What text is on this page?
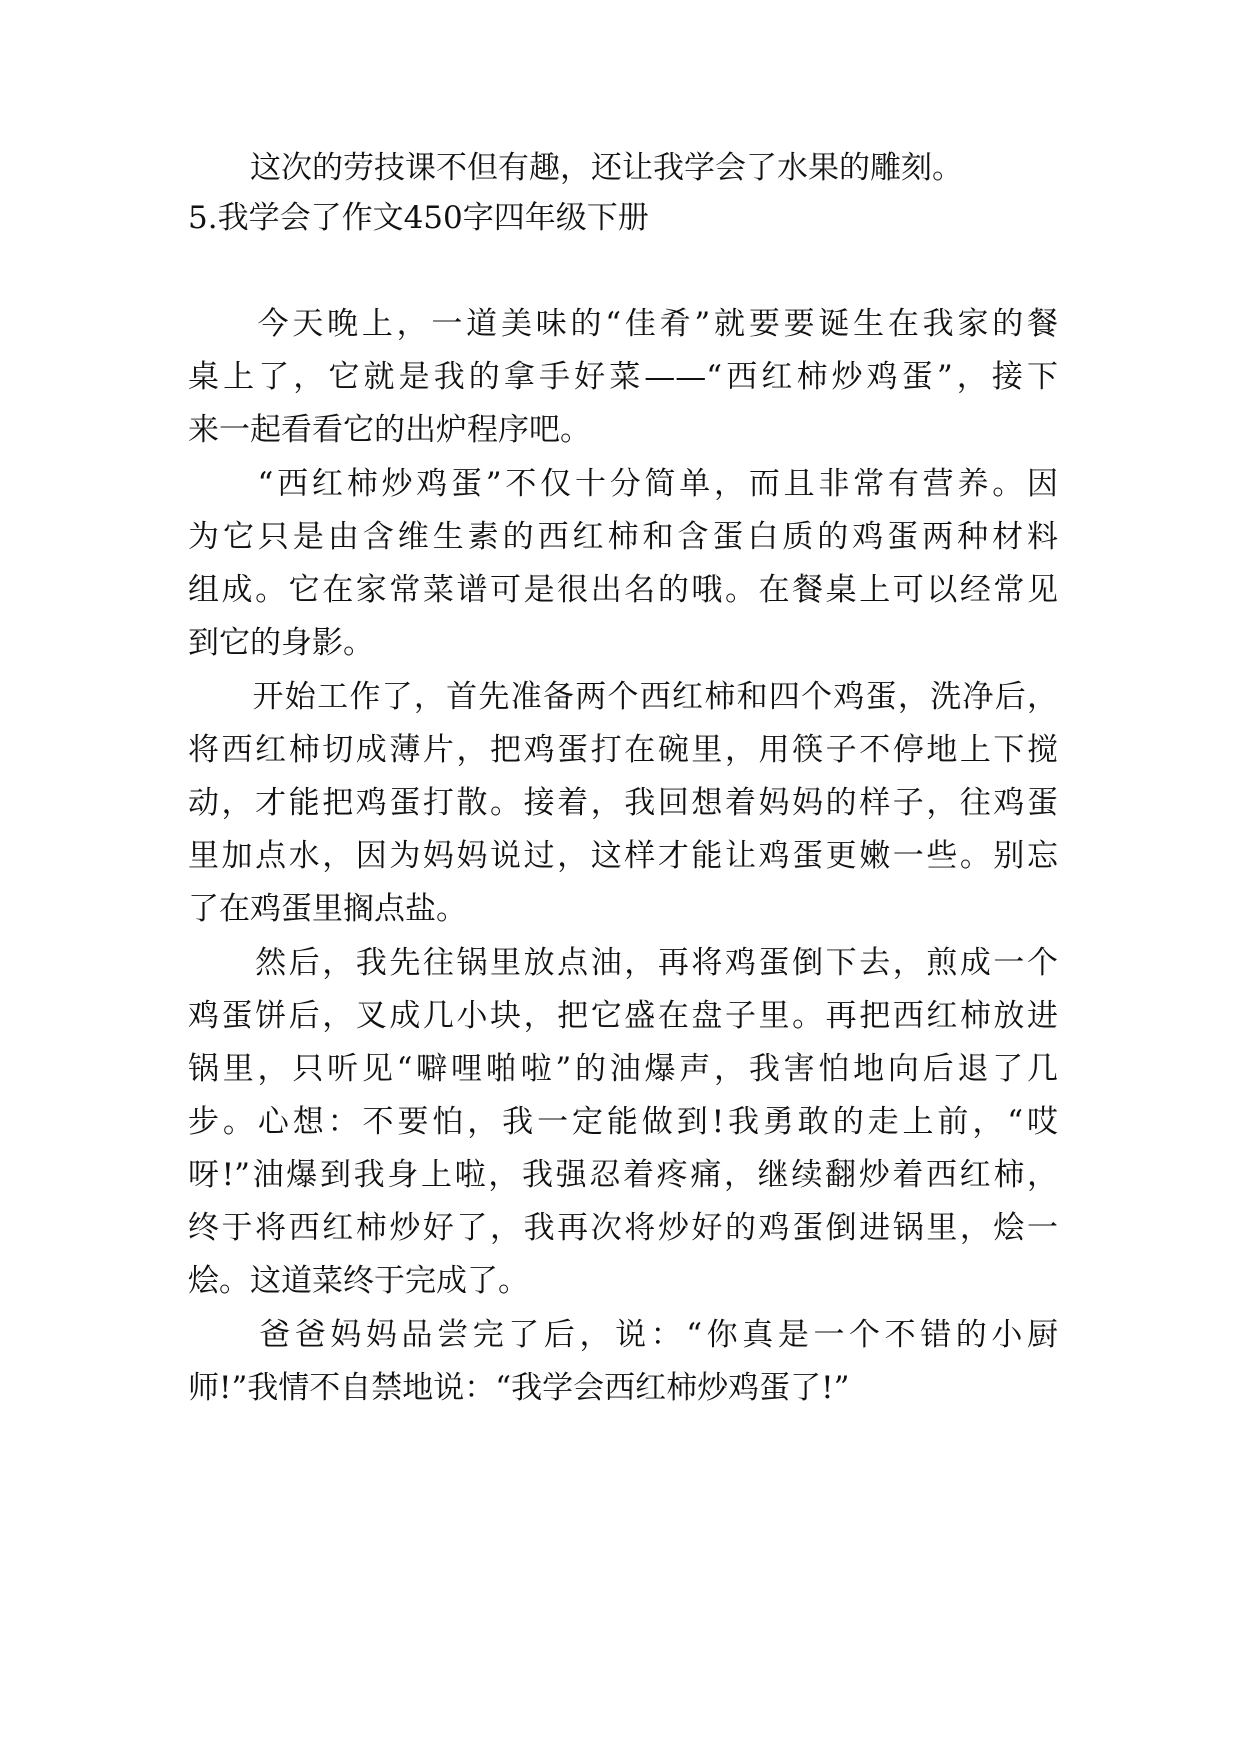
　　这次的劳技课不但有趣，还让我学会了水果的雕刻。
5.我学会了作文450字四年级下册
　　今天晚上，一道美味的“佳肴”就要要诞生在我家的餐
桌上了，它就是我的拿手好菜——“西红柿炒鸡蛋”，接下
来一起看看它的出炉程序吧。
　　“西红柿炒鸡蛋”不仅十分简单，而且非常有营养。因
为它只是由含维生素的西红柿和含蛋白质的鸡蛋两种材料
组成。它在家常菜谱可是很出名的哦。在餐桌上可以经常见
到它的身影。
　　开始工作了，首先准备两个西红柿和四个鸡蛋，洗净后，
将西红柿切成薄片，把鸡蛋打在碗里，用筷子不停地上下搅
动，才能把鸡蛋打散。接着，我回想着妈妈的样子，往鸡蛋
里加点水，因为妈妈说过，这样才能让鸡蛋更嫩一些。别忘
了在鸡蛋里搁点盐。
　　然后，我先往锅里放点油，再将鸡蛋倒下去，煎成一个
鸡蛋饼后，叉成几小块，把它盛在盘子里。再把西红柿放进
锅里，只听见“噼哩啪啦”的油爆声，我害怕地向后退了几
步。心想：不要怕，我一定能做到!我勇敢的走上前，“哎
呀!”油爆到我身上啦，我强忍着疼痛，继续翻炒着西红柿，
终于将西红柿炒好了，我再次将炒好的鸡蛋倒进锅里，烩一
烩。这道菜终于完成了。
　　爸爸妈妈品尝完了后，说：“你真是一个不错的小厨
师!”我情不自禁地说：“我学会西红柿炒鸡蛋了!”
